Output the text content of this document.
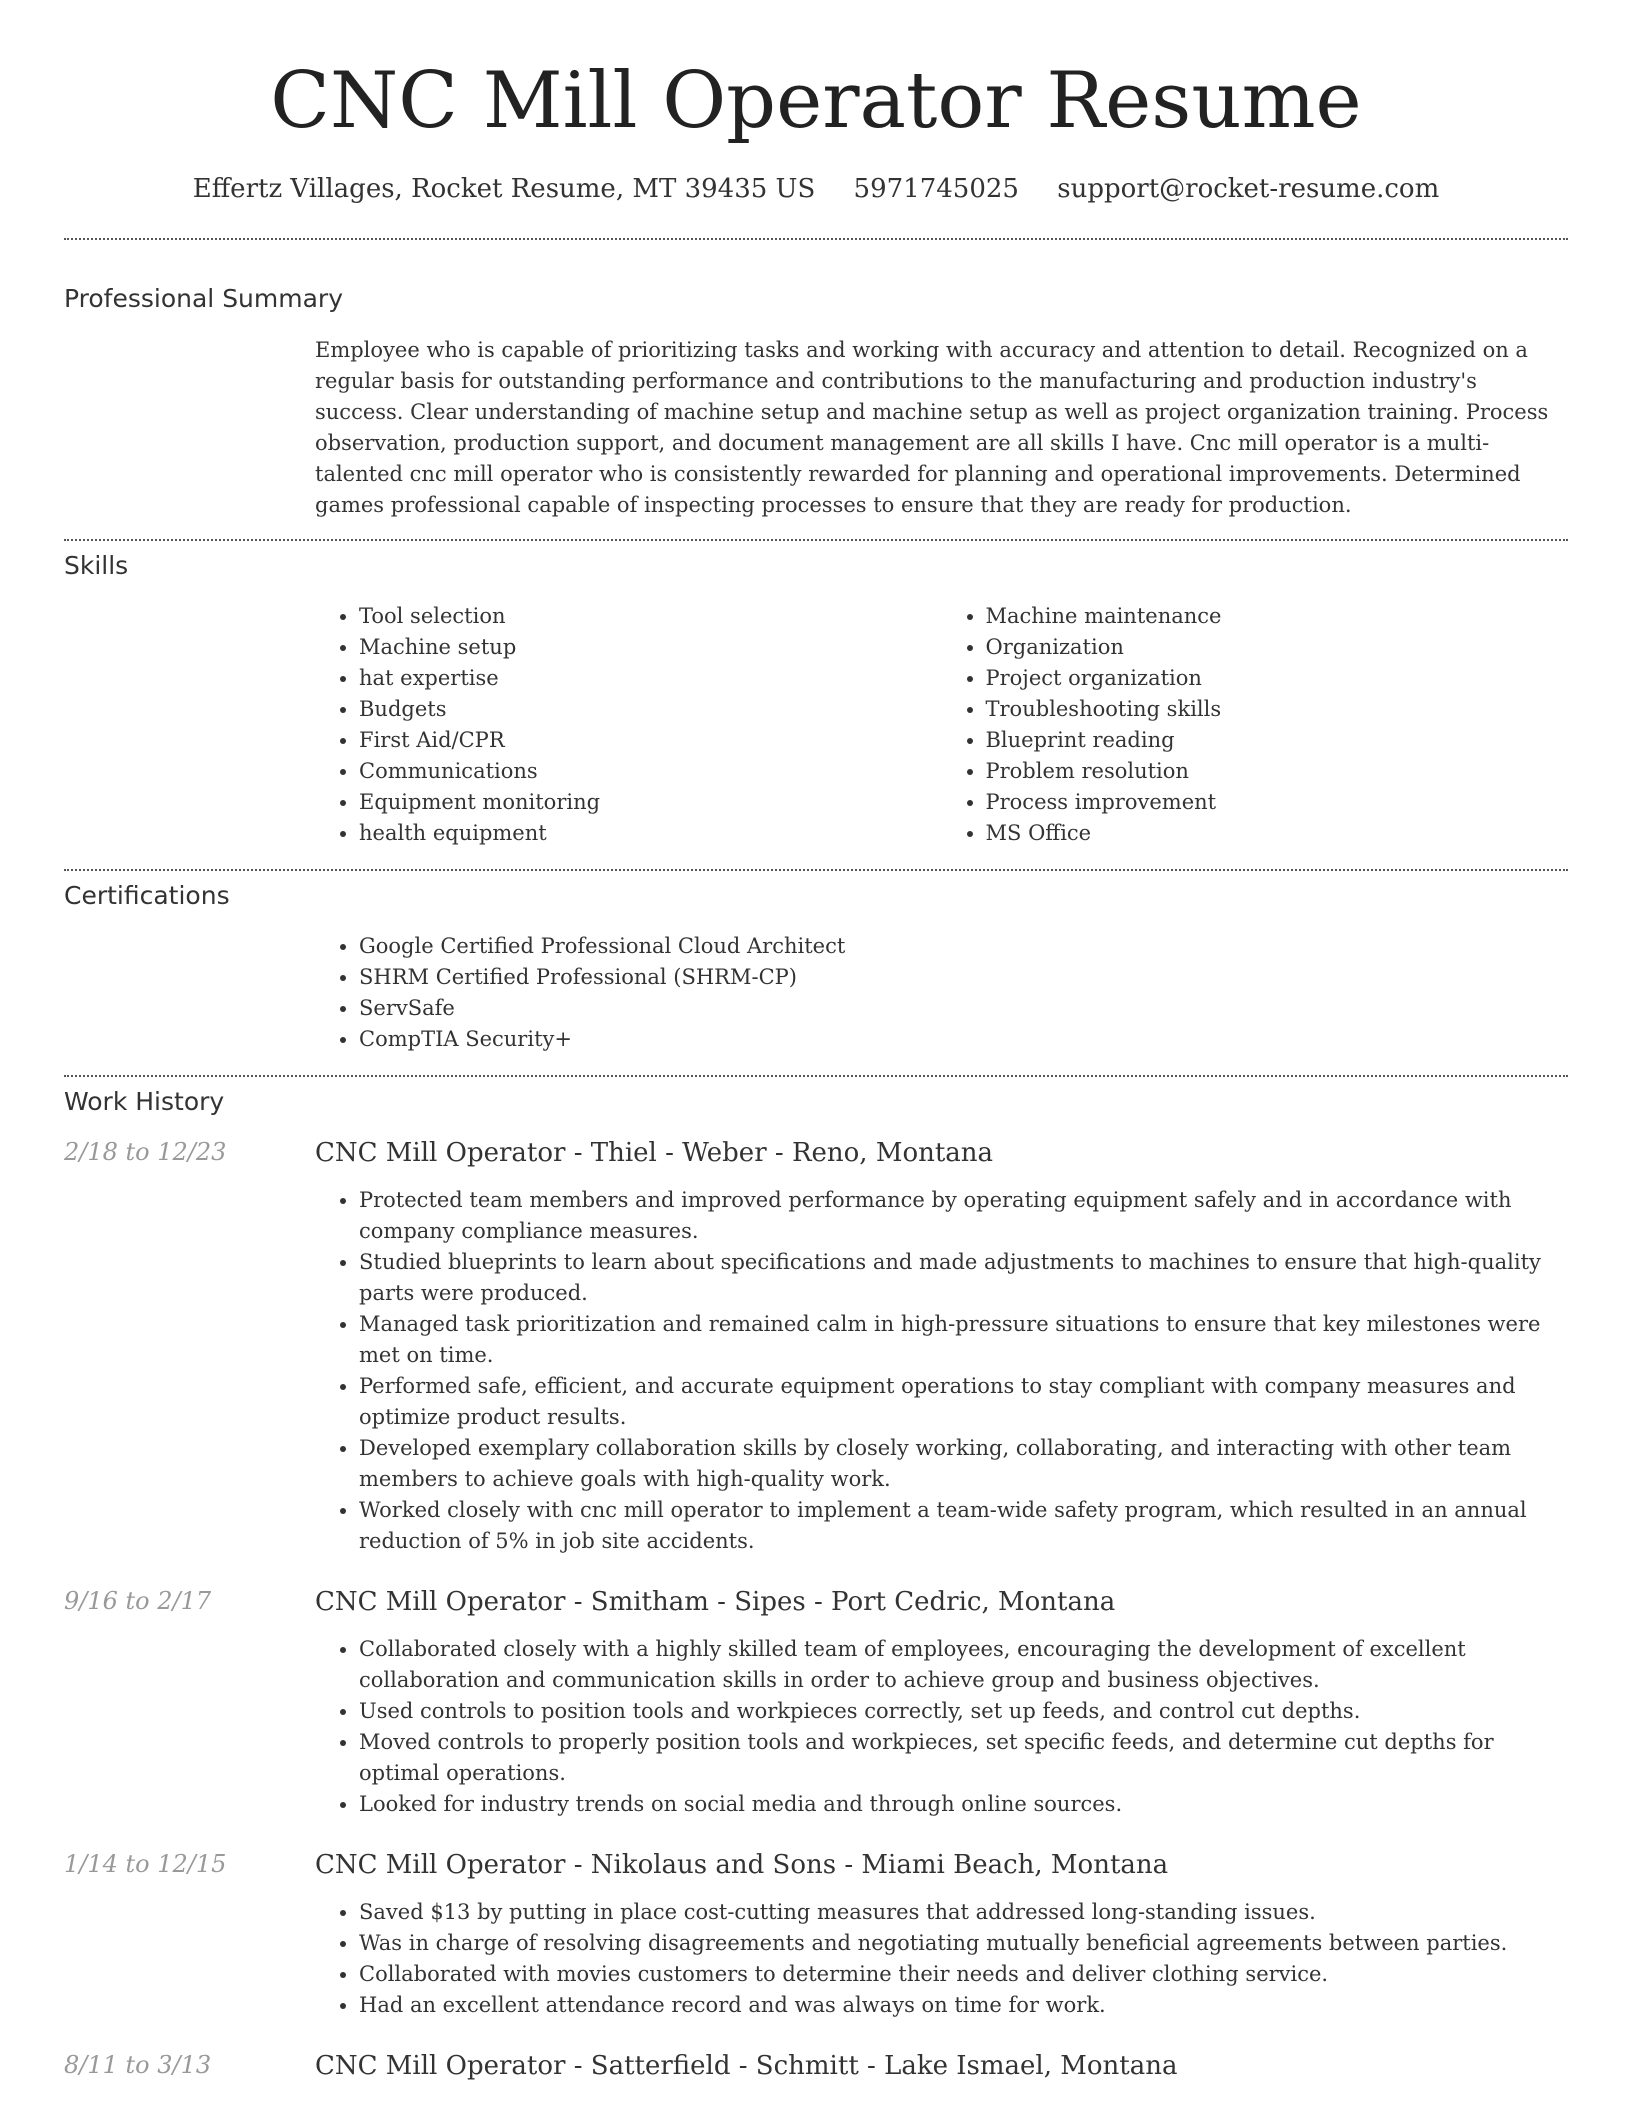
CNC Mill Operator Resume
Effertz Villages, Rocket Resume, MT 39435 US 5971745025 support@rocket-resume.com
Professional Summary

Employee who is capable of prioritizing tasks and working with accuracy and attention to detail. Recognized on a regular basis for outstanding performance and contributions to the manufacturing and production industry's success. Clear understanding of machine setup and machine setup as well as project organization training. Process observation, production support, and document management are all skills I have. Cnc mill operator is a multi-talented cnc mill operator who is consistently rewarded for planning and operational improvements. Determined games professional capable of inspecting processes to ensure that they are ready for production.

Skills
• Tool selection
• Machine setup
• hat expertise
• Budgets
• First Aid/CPR
• Communications
• Equipment monitoring
• health equipment
• Machine maintenance
• Organization
• Project organization
• Troubleshooting skills
• Blueprint reading
• Problem resolution
• Process improvement
• MS Office
Certifications
• Google Certified Professional Cloud Architect
• SHRM Certified Professional (SHRM-CP)
• ServSafe
• CompTIA Security+
Work History
2/18 to 12/23	CNC Mill Operator - Thiel - Weber - Reno, Montana
• Protected team members and improved performance by operating equipment safely and in accordance with company compliance measures.
• Studied blueprints to learn about specifications and made adjustments to machines to ensure that high-quality parts were produced.
• Managed task prioritization and remained calm in high-pressure situations to ensure that key milestones were met on time.
• Performed safe, efficient, and accurate equipment operations to stay compliant with company measures and optimize product results.
• Developed exemplary collaboration skills by closely working, collaborating, and interacting with other team members to achieve goals with high-quality work.
• Worked closely with cnc mill operator to implement a team-wide safety program, which resulted in an annual reduction of 5% in job site accidents.
9/16 to 2/17	CNC Mill Operator - Smitham - Sipes - Port Cedric, Montana
• Collaborated closely with a highly skilled team of employees, encouraging the development of excellent collaboration and communication skills in order to achieve group and business objectives.
• Used controls to position tools and workpieces correctly, set up feeds, and control cut depths.
• Moved controls to properly position tools and workpieces, set specific feeds, and determine cut depths for optimal operations.
• Looked for industry trends on social media and through online sources.
1/14 to 12/15	CNC Mill Operator - Nikolaus and Sons - Miami Beach, Montana
• Saved $13 by putting in place cost-cutting measures that addressed long-standing issues.
• Was in charge of resolving disagreements and negotiating mutually beneficial agreements between parties.
• Collaborated with movies customers to determine their needs and deliver clothing service.
• Had an excellent attendance record and was always on time for work.
8/11 to 3/13	CNC Mill Operator - Satterfield - Schmitt - Lake Ismael, Montana
